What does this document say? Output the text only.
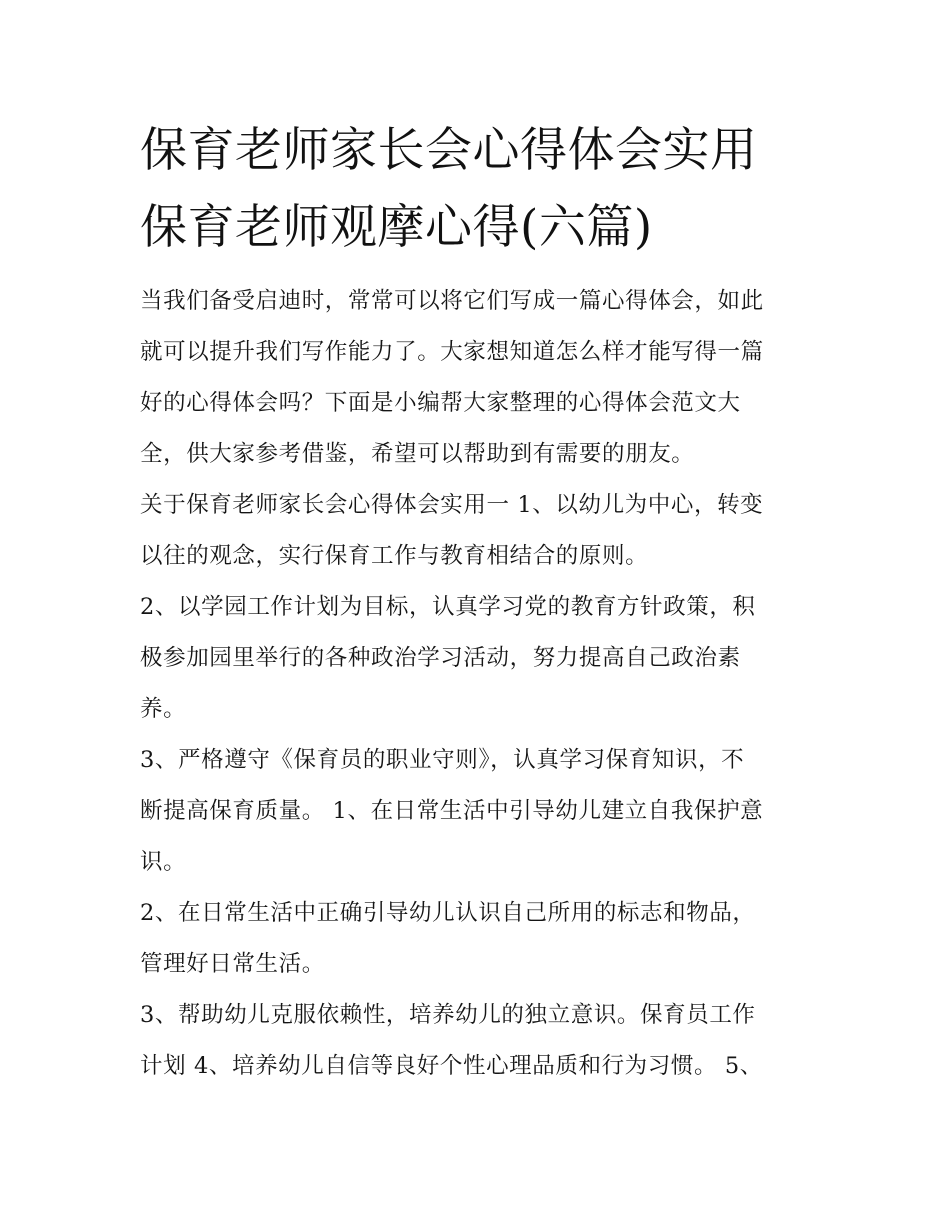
保育老师家长会心得体会实用
保育老师观摩心得(六篇)

当我们备受启迪时，常常可以将它们写成一篇心得体会，如此
就可以提升我们写作能力了。大家想知道怎么样才能写得一篇
好的心得体会吗？下面是小编帮大家整理的心得体会范文大
全，供大家参考借鉴，希望可以帮助到有需要的朋友。

关于保育老师家长会心得体会实用一 1、以幼儿为中心，转变
以往的观念，实行保育工作与教育相结合的原则。

2、以学园工作计划为目标，认真学习党的教育方针政策，积
极参加园里举行的各种政治学习活动，努力提高自己政治素
养。

3、严格遵守《保育员的职业守则》，认真学习保育知识，不
断提高保育质量。 1、在日常生活中引导幼儿建立自我保护意
识。

2、在日常生活中正确引导幼儿认识自己所用的标志和物品，
管理好日常生活。

3、帮助幼儿克服依赖性，培养幼儿的独立意识。保育员工作
计划 4、培养幼儿自信等良好个性心理品质和行为习惯。 5、
